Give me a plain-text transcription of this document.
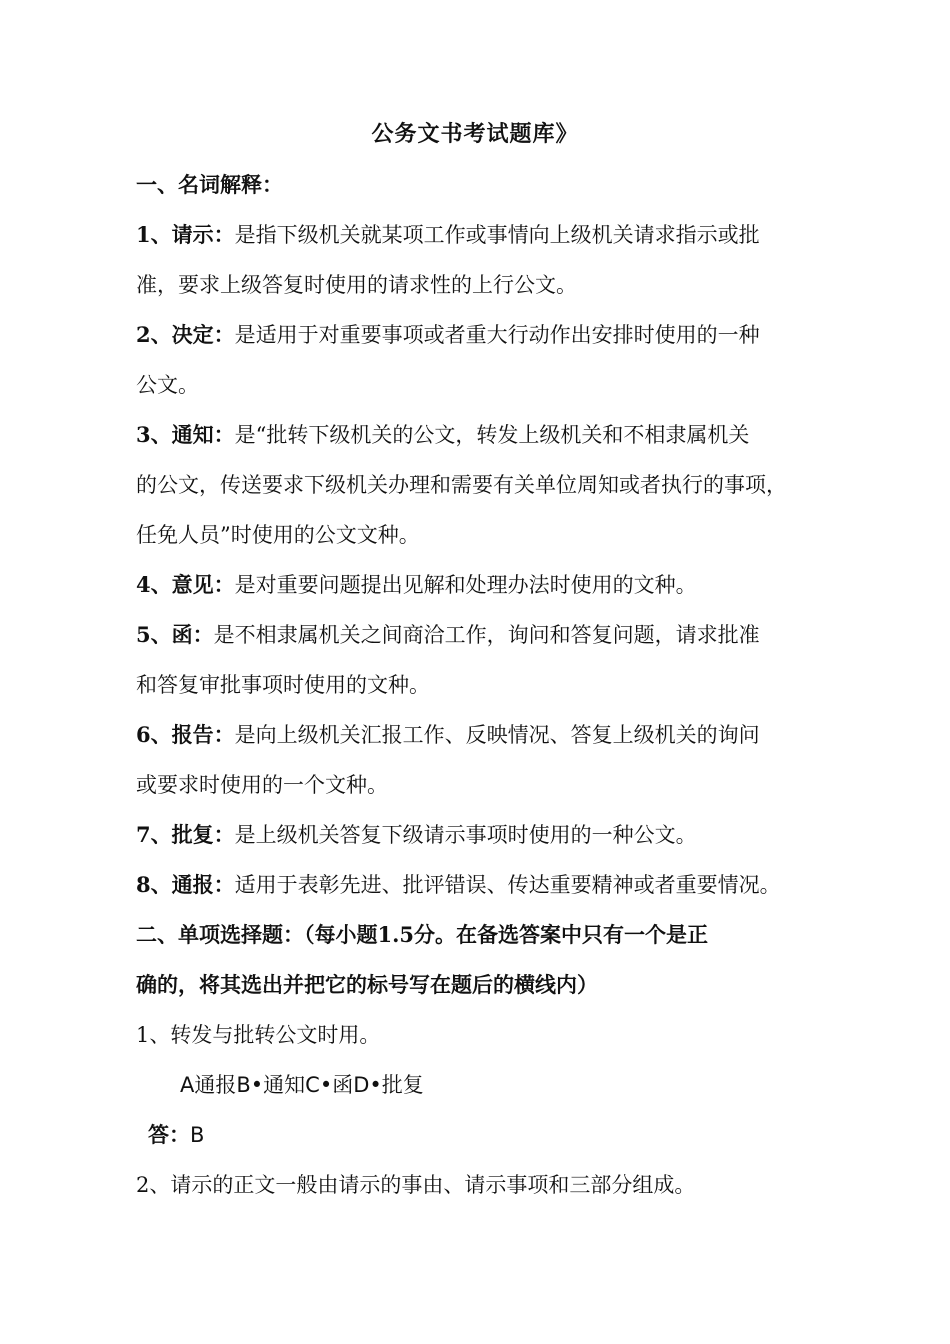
公务文书考试题库》
一、名词解释：
1、请示：是指下级机关就某项工作或事情向上级机关请求指示或批
准，要求上级答复时使用的请求性的上行公文。
2、决定：是适用于对重要事项或者重大行动作出安排时使用的一种
公文。
3、通知：是“批转下级机关的公文，转发上级机关和不相隶属机关
的公文，传送要求下级机关办理和需要有关单位周知或者执行的事项，
任免人员”时使用的公文文种。
4、意见：是对重要问题提出见解和处理办法时使用的文种。
5、函：是不相隶属机关之间商洽工作，询问和答复问题，请求批准
和答复审批事项时使用的文种。
6、报告：是向上级机关汇报工作、反映情况、答复上级机关的询问
或要求时使用的一个文种。
7、批复：是上级机关答复下级请示事项时使用的一种公文。
8、通报：适用于表彰先进、批评错误、传达重要精神或者重要情况。
二、单项选择题：（每小题1.5分。在备选答案中只有一个是正
确的，将其选出并把它的标号写在题后的横线内）
1、转发与批转公文时用。
A通报B•通知C•函D•批复
答：B
2、请示的正文一般由请示的事由、请示事项和三部分组成。
